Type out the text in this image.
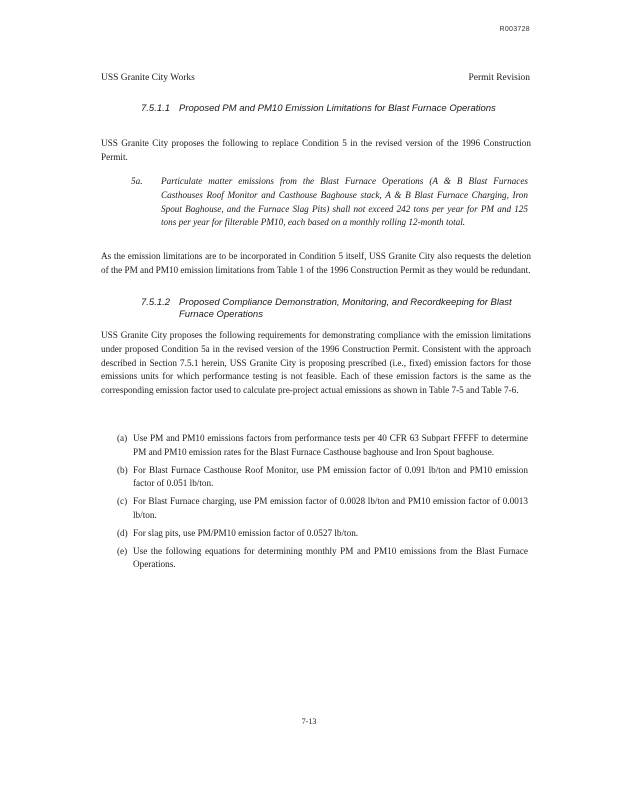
R003728
USS Granite City Works	Permit Revision
7.5.1.1 Proposed PM and PM10 Emission Limitations for Blast Furnace Operations

USS Granite City proposes the following to replace Condition 5 in the revised version of the 1996 Construction Permit.

5a.	Particulate matter emissions from the Blast Furnace Operations (A & B Blast Furnaces Casthouses Roof Monitor and Casthouse Baghouse stack, A & B Blast Furnace Charging, Iron Spout Baghouse, and the Furnace Slag Pits) shall not exceed 242 tons per year for PM and 125 tons per year for filterable PM10, each based on a monthly rolling 12-month total.

As the emission limitations are to be incorporated in Condition 5 itself, USS Granite City also requests the deletion of the PM and PM10 emission limitations from Table 1 of the 1996 Construction Permit as they would be redundant.

7.5.1.2 Proposed Compliance Demonstration, Monitoring, and Recordkeeping for Blast Furnace Operations

USS Granite City proposes the following requirements for demonstrating compliance with the emission limitations under proposed Condition 5a in the revised version of the 1996 Construction Permit. Consistent with the approach described in Section 7.5.1 herein, USS Granite City is proposing prescribed (i.e., fixed) emission factors for those emissions units for which performance testing is not feasible. Each of these emission factors is the same as the corresponding emission factor used to calculate pre-project actual emissions as shown in Table 7-5 and Table 7-6.

(a) Use PM and PM10 emissions factors from performance tests per 40 CFR 63 Subpart FFFFF to determine PM and PM10 emission rates for the Blast Furnace Casthouse baghouse and Iron Spout baghouse.
(b) For Blast Furnace Casthouse Roof Monitor, use PM emission factor of 0.091 lb/ton and PM10 emission factor of 0.051 lb/ton.
(c) For Blast Furnace charging, use PM emission factor of 0.0028 lb/ton and PM10 emission factor of 0.0013 lb/ton.
(d) For slag pits, use PM/PM10 emission factor of 0.0527 lb/ton.
(e) Use the following equations for determining monthly PM and PM10 emissions from the Blast Furnace Operations.
7-13
